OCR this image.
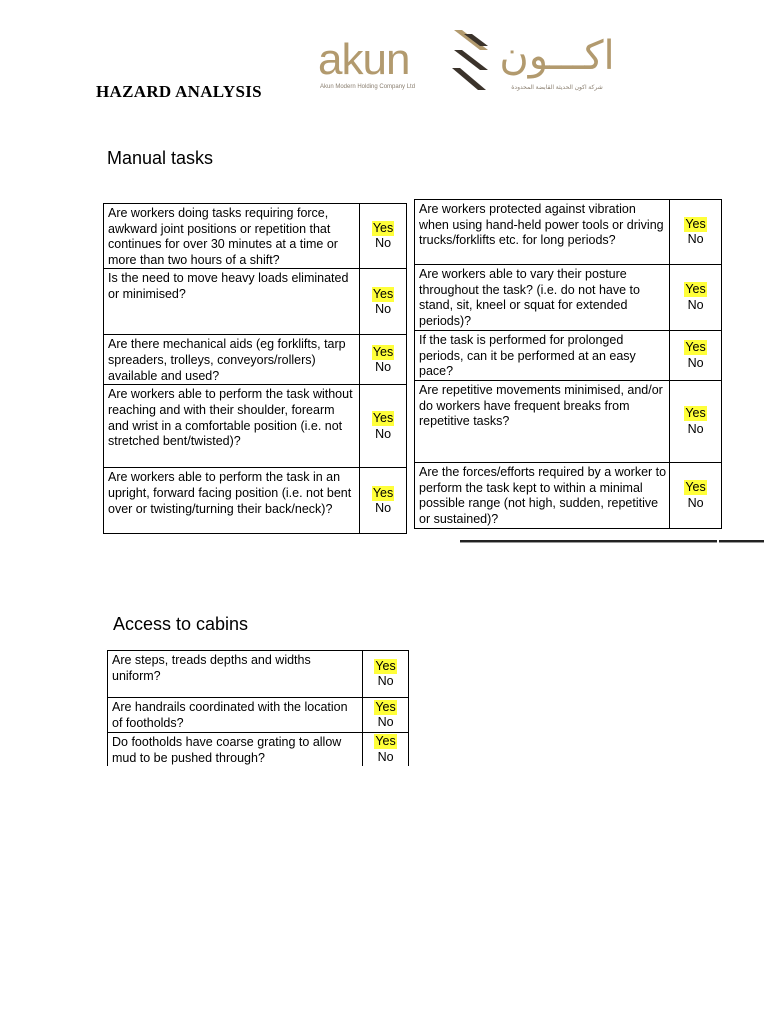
HAZARD ANALYSIS
akun
Akun Modern Holding Company Ltd
اكـــون
شركة اكون الحديثة القابضة المحدودة
Manual tasks
Are workers doing tasks requiring force, awkward joint positions or repetition that continues for over 30 minutes at a time or more than two hours of a shift?	Yes
No

Is the need to move heavy loads eliminated or minimised?	Yes
No

Are there mechanical aids (eg forklifts, tarp spreaders, trolleys, conveyors/rollers) available and used?	Yes
No

Are workers able to perform the task without reaching and with their shoulder, forearm and wrist in a comfortable position (i.e. not stretched bent/twisted)?	Yes
No

Are workers able to perform the task in an upright, forward facing position (i.e. not bent over or twisting/turning their back/neck)?	Yes
No
Are workers protected against vibration when using hand-held power tools or driving trucks/forklifts etc. for long periods?	Yes
No

Are workers able to vary their posture throughout the task? (i.e. do not have to stand, sit, kneel or squat for extended periods)?	Yes
No

If the task is performed for prolonged periods, can it be performed at an easy pace?	Yes
No

Are repetitive movements minimised, and/or do workers have frequent breaks from repetitive tasks?	Yes
No

Are the forces/efforts required by a worker to perform the task kept to within a minimal possible range (not high, sudden, repetitive or sustained)?	Yes
No
Access to cabins
Are steps, treads depths and widths uniform?	Yes
No

Are handrails coordinated with the location of footholds?	Yes
No

Do footholds have coarse grating to allow mud to be pushed through?	Yes
No
